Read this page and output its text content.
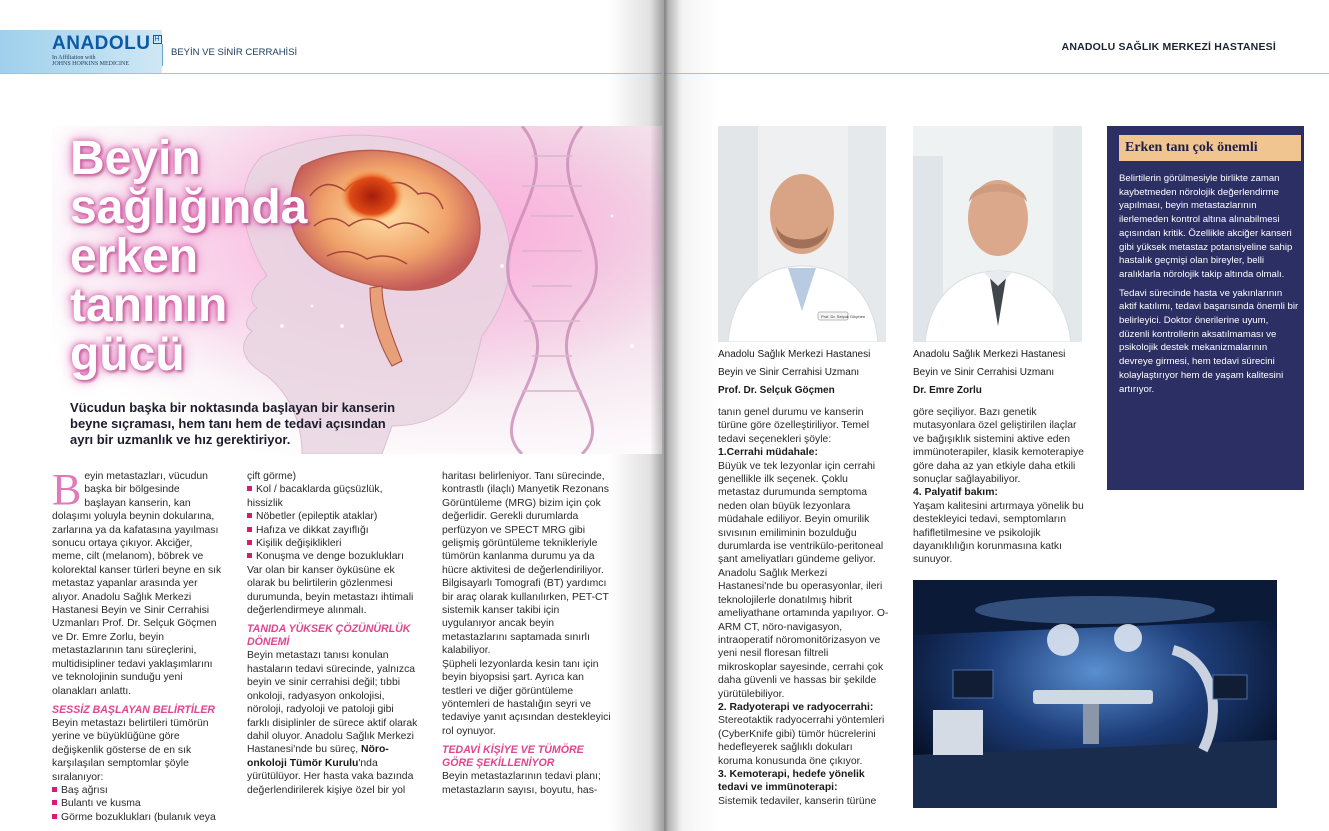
ANADOLU H
In Affiliation with
JOHNS HOPKINS MEDICINE
BEYİN VE SİNİR CERRAHİSİ
Beyin sağlığında erken tanının gücü
Vücudun başka bir noktasında başlayan bir kanserin beyne sıçraması, hem tanı hem de tedavi açısından ayrı bir uzmanlık ve hız gerektiriyor.

Beyin metastazları, vücudun başka bir bölgesinde başlayan kanserin, kan dolaşımı yoluyla beynin dokularına, zarlarına ya da kafatasına yayılması sonucu ortaya çıkıyor. Akciğer, meme, cilt (melanom), böbrek ve kolorektal kanser türleri beyne en sık metastaz yapanlar arasında yer alıyor. Anadolu Sağlık Merkezi Hastanesi Beyin ve Sinir Cerrahisi Uzmanları Prof. Dr. Selçuk Göçmen ve Dr. Emre Zorlu, beyin metastazlarının tanı süreçlerini, multidisipliner tedavi yaklaşımlarını ve teknolojinin sunduğu yeni olanakları anlattı.

SESSİZ BAŞLAYAN BELİRTİLER

Beyin metastazı belirtileri tümörün yerine ve büyüklüğüne göre değişkenlik gösterse de en sık karşılaşılan semptomlar şöyle sıralanıyor:

Baş ağrısı

Bulantı ve kusma

Görme bozuklukları (bulanık veya

çift görme)

Kol / bacaklarda güçsüzlük, hissizlik

Nöbetler (epileptik ataklar)

Hafıza ve dikkat zayıflığı

Kişilik değişiklikleri

Konuşma ve denge bozuklukları

Var olan bir kanser öyküsüne ek olarak bu belirtilerin gözlenmesi durumunda, beyin metastazı ihtimali değerlendirmeye alınmalı.

TANIDA YÜKSEK ÇÖZÜNÜRLÜK DÖNEMİ

Beyin metastazı tanısı konulan hastaların tedavi sürecinde, yalnızca beyin ve sinir cerrahisi değil; tıbbi onkoloji, radyasyon onkolojisi, nöroloji, radyoloji ve patoloji gibi farklı disiplinler de sürece aktif olarak dahil oluyor. Anadolu Sağlık Merkezi Hastanesi'nde bu süreç, Nöro-onkoloji Tümör Kurulu'nda yürütülüyor. Her hasta vaka bazında değerlendirilerek kişiye özel bir yol

haritası belirleniyor. Tanı sürecinde, kontrastlı (ilaçlı) Manyetik Rezonans Görüntüleme (MRG) bizim için çok değerlidir. Gerekli durumlarda perfüzyon ve SPECT MRG gibi gelişmiş görüntüleme teknikleriyle tümörün kanlanma durumu ya da hücre aktivitesi de değerlendiriliyor. Bilgisayarlı Tomografi (BT) yardımcı bir araç olarak kullanılırken, PET-CT sistemik kanser takibi için uygulanıyor ancak beyin metastazlarını saptamada sınırlı kalabiliyor.

Şüpheli lezyonlarda kesin tanı için beyin biyopsisi şart. Ayrıca kan testleri ve diğer görüntüleme yöntemleri de hastalığın seyri ve tedaviye yanıt açısından destekleyici rol oynuyor.

TEDAVİ KİŞİYE VE TÜMÖRE GÖRE ŞEKİLLENİYOR

Beyin metastazlarının tedavi planı; metastazların sayısı, boyutu, has-

ANADOLU SAĞLIK MERKEZİ HASTANESİ
Prof. Dr. Selçuk Göçmen
Anadolu Sağlık Merkezi Hastanesi
Beyin ve Sinir Cerrahisi Uzmanı
Prof. Dr. Selçuk Göçmen
Anadolu Sağlık Merkezi Hastanesi
Beyin ve Sinir Cerrahisi Uzmanı
Dr. Emre Zorlu

tanın genel durumu ve kanserin türüne göre özelleştiriliyor. Temel tedavi seçenekleri şöyle:

1.Cerrahi müdahale:

Büyük ve tek lezyonlar için cerrahi genellikle ilk seçenek. Çoklu metastaz durumunda semptoma neden olan büyük lezyonlara müdahale ediliyor. Beyin omurilik sıvısının emiliminin bozulduğu durumlarda ise ventrikülo-peritoneal şant ameliyatları gündeme geliyor. Anadolu Sağlık Merkezi Hastanesi'nde bu operasyonlar, ileri teknolojilerle donatılmış hibrit ameliyathane ortamında yapılıyor. O-ARM CT, nöro-navigasyon, intraoperatif nöromonitörizasyon ve yeni nesil floresan filtreli mikroskoplar sayesinde, cerrahi çok daha güvenli ve hassas bir şekilde yürütülebiliyor.

2. Radyoterapi ve radyocerrahi:

Stereotaktik radyocerrahi yöntemleri (CyberKnife gibi) tümör hücrelerini hedefleyerek sağlıklı dokuları koruma konusunda öne çıkıyor.

3. Kemoterapi, hedefe yönelik tedavi ve immünoterapi:

Sistemik tedaviler, kanserin türüne

göre seçiliyor. Bazı genetik mutasyonlara özel geliştirilen ilaçlar ve bağışıklık sistemini aktive eden immünoterapiler, klasik kemoterapiye göre daha az yan etkiyle daha etkili sonuçlar sağlayabiliyor.

4. Palyatif bakım:

Yaşam kalitesini artırmaya yönelik bu destekleyici tedavi, semptomların hafifletilmesine ve psikolojik dayanıklılığın korunmasına katkı sunuyor.

Erken tanı çok önemli

Belirtilerin görülmesiyle birlikte zaman kaybetmeden nörolojik değerlendirme yapılması, beyin metastazlarının ilerlemeden kontrol altına alınabilmesi açısından kritik. Özellikle akciğer kanseri gibi yüksek metastaz potansiyeline sahip hastalık geçmişi olan bireyler, belli aralıklarla nörolojik takip altında olmalı.

Tedavi sürecinde hasta ve yakınlarının aktif katılımı, tedavi başarısında önemli bir belirleyici. Doktor önerilerine uyum, düzenli kontrollerin aksatılmaması ve psikolojik destek mekanizmalarının devreye girmesi, hem tedavi sürecini kolaylaştırıyor hem de yaşam kalitesini artırıyor.
